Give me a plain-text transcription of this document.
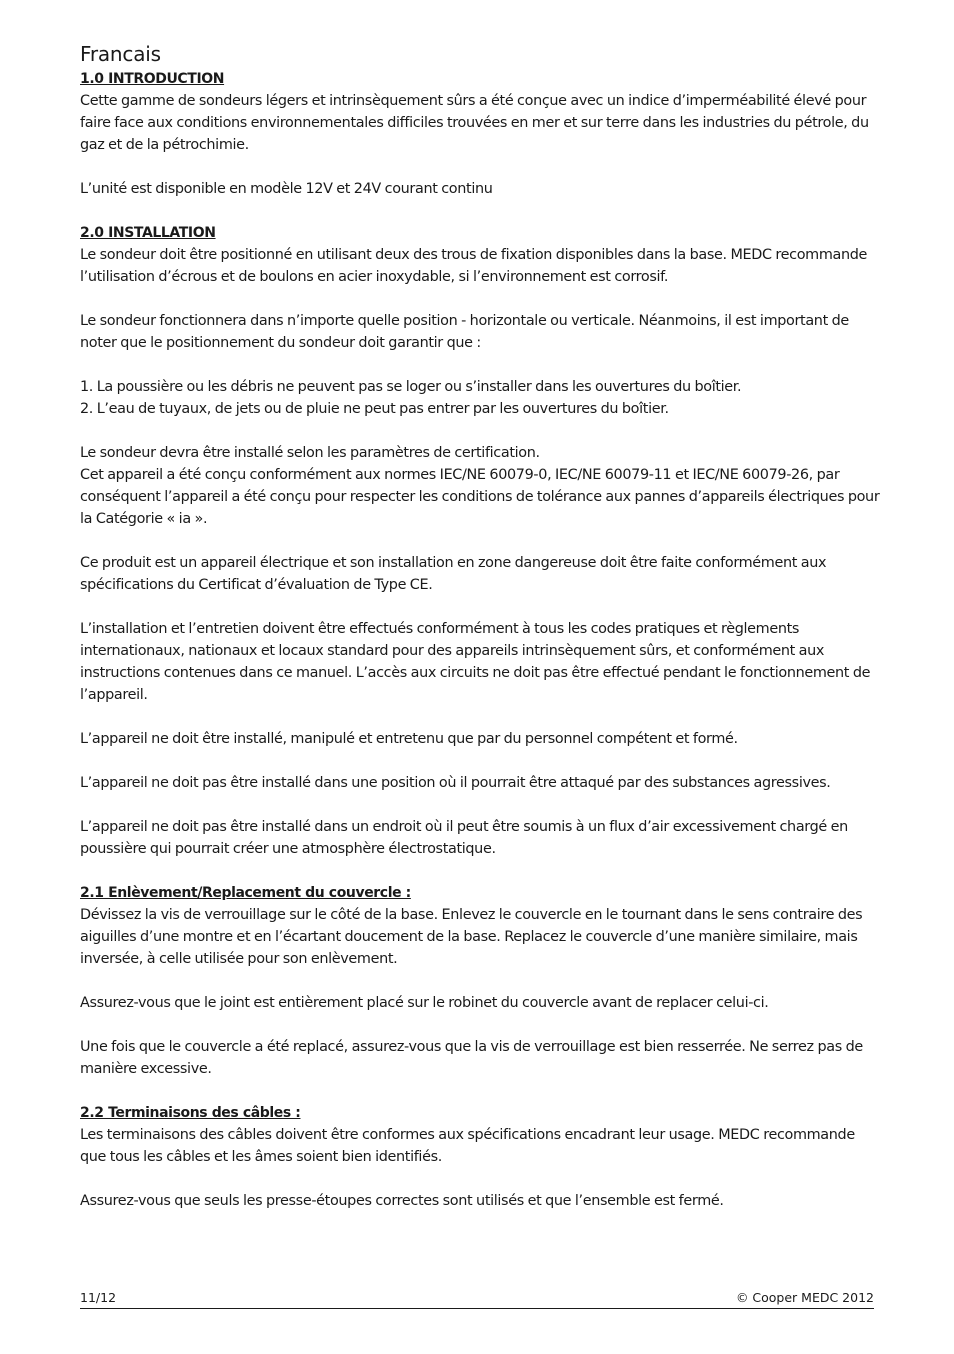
Francais
1.0 INTRODUCTION

Cette gamme de sondeurs légers et intrinsèquement sûrs a été conçue avec un indice d’imperméabilité élevé pour faire face aux conditions environnementales difficiles trouvées en mer et sur terre dans les industries du pétrole, du gaz et de la pétrochimie.

L’unité est disponible en modèle 12V et 24V courant continu

2.0 INSTALLATION

Le sondeur doit être positionné en utilisant deux des trous de fixation disponibles dans la base. MEDC recommande l’utilisation d’écrous et de boulons en acier inoxydable, si l’environnement est corrosif.

Le sondeur fonctionnera dans n’importe quelle position - horizontale ou verticale. Néanmoins, il est important de noter que le positionnement du sondeur doit garantir que :

1. La poussière ou les débris ne peuvent pas se loger ou s’installer dans les ouvertures du boîtier.

2. L’eau de tuyaux, de jets ou de pluie ne peut pas entrer par les ouvertures du boîtier.

Le sondeur devra être installé selon les paramètres de certification.

Cet appareil a été conçu conformément aux normes IEC/NE 60079-0, IEC/NE 60079-11 et IEC/NE 60079-26, par conséquent l’appareil a été conçu pour respecter les conditions de tolérance aux pannes d’appareils électriques pour la Catégorie « ia ».

Ce produit est un appareil électrique et son installation en zone dangereuse doit être faite conformément aux spécifications du Certificat d’évaluation de Type CE.

L’installation et l’entretien doivent être effectués conformément à tous les codes pratiques et règlements internationaux, nationaux et locaux standard pour des appareils intrinsèquement sûrs, et conformément aux instructions contenues dans ce manuel. L’accès aux circuits ne doit pas être effectué pendant le fonctionnement de l’appareil.

L’appareil ne doit être installé, manipulé et entretenu que par du personnel compétent et formé.

L’appareil ne doit pas être installé dans une position où il pourrait être attaqué par des substances agressives.

L’appareil ne doit pas être installé dans un endroit où il peut être soumis à un flux d’air excessivement chargé en poussière qui pourrait créer une atmosphère électrostatique.

2.1 Enlèvement/Replacement du couvercle :

Dévissez la vis de verrouillage sur le côté de la base. Enlevez le couvercle en le tournant dans le sens contraire des aiguilles d’une montre et en l’écartant doucement de la base. Replacez le couvercle d’une manière similaire, mais inversée, à celle utilisée pour son enlèvement.

Assurez-vous que le joint est entièrement placé sur le robinet du couvercle avant de replacer celui-ci.

Une fois que le couvercle a été replacé, assurez-vous que la vis de verrouillage est bien resserrée. Ne serrez pas de manière excessive.

2.2 Terminaisons des câbles :

Les terminaisons des câbles doivent être conformes aux spécifications encadrant leur usage. MEDC recommande que tous les câbles et les âmes soient bien identifiés.

Assurez-vous que seuls les presse-étoupes correctes sont utilisés et que l’ensemble est fermé.

11/12	© Cooper MEDC 2012
